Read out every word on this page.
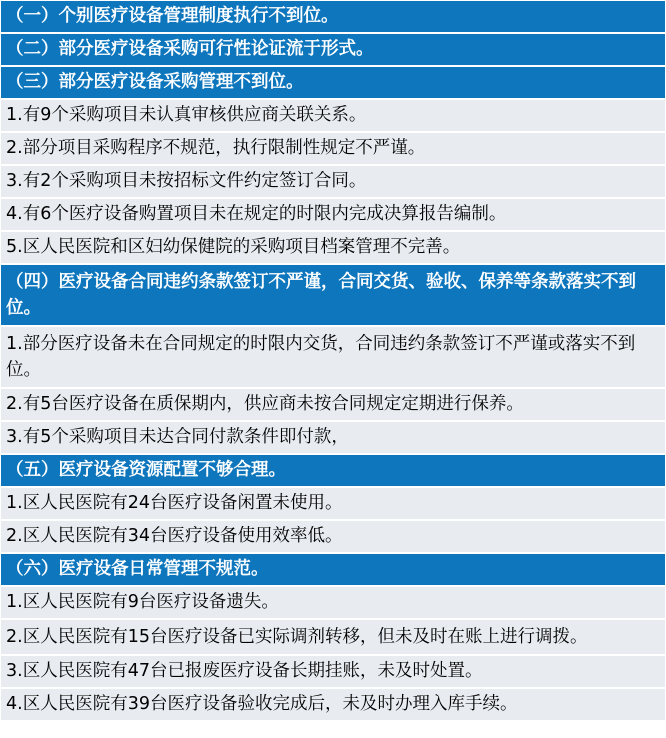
（一）个别医疗设备管理制度执行不到位。
（二）部分医疗设备采购可行性论证流于形式。
（三）部分医疗设备采购管理不到位。
1.有9个采购项目未认真审核供应商关联关系。
2.部分项目采购程序不规范，执行限制性规定不严谨。
3.有2个采购项目未按招标文件约定签订合同。
4.有6个医疗设备购置项目未在规定的时限内完成决算报告编制。
5.区人民医院和区妇幼保健院的采购项目档案管理不完善。
（四）医疗设备合同违约条款签订不严谨，合同交货、验收、保养等条款落实不到位。
1.部分医疗设备未在合同规定的时限内交货，合同违约条款签订不严谨或落实不到位。
2.有5台医疗设备在质保期内，供应商未按合同规定定期进行保养。
3.有5个采购项目未达合同付款条件即付款，
（五）医疗设备资源配置不够合理。
1.区人民医院有24台医疗设备闲置未使用。
2.区人民医院有34台医疗设备使用效率低。
（六）医疗设备日常管理不规范。
1.区人民医院有9台医疗设备遗失。
2.区人民医院有15台医疗设备已实际调剂转移，但未及时在账上进行调拨。
3.区人民医院有47台已报废医疗设备长期挂账，未及时处置。
4.区人民医院有39台医疗设备验收完成后，未及时办理入库手续。
